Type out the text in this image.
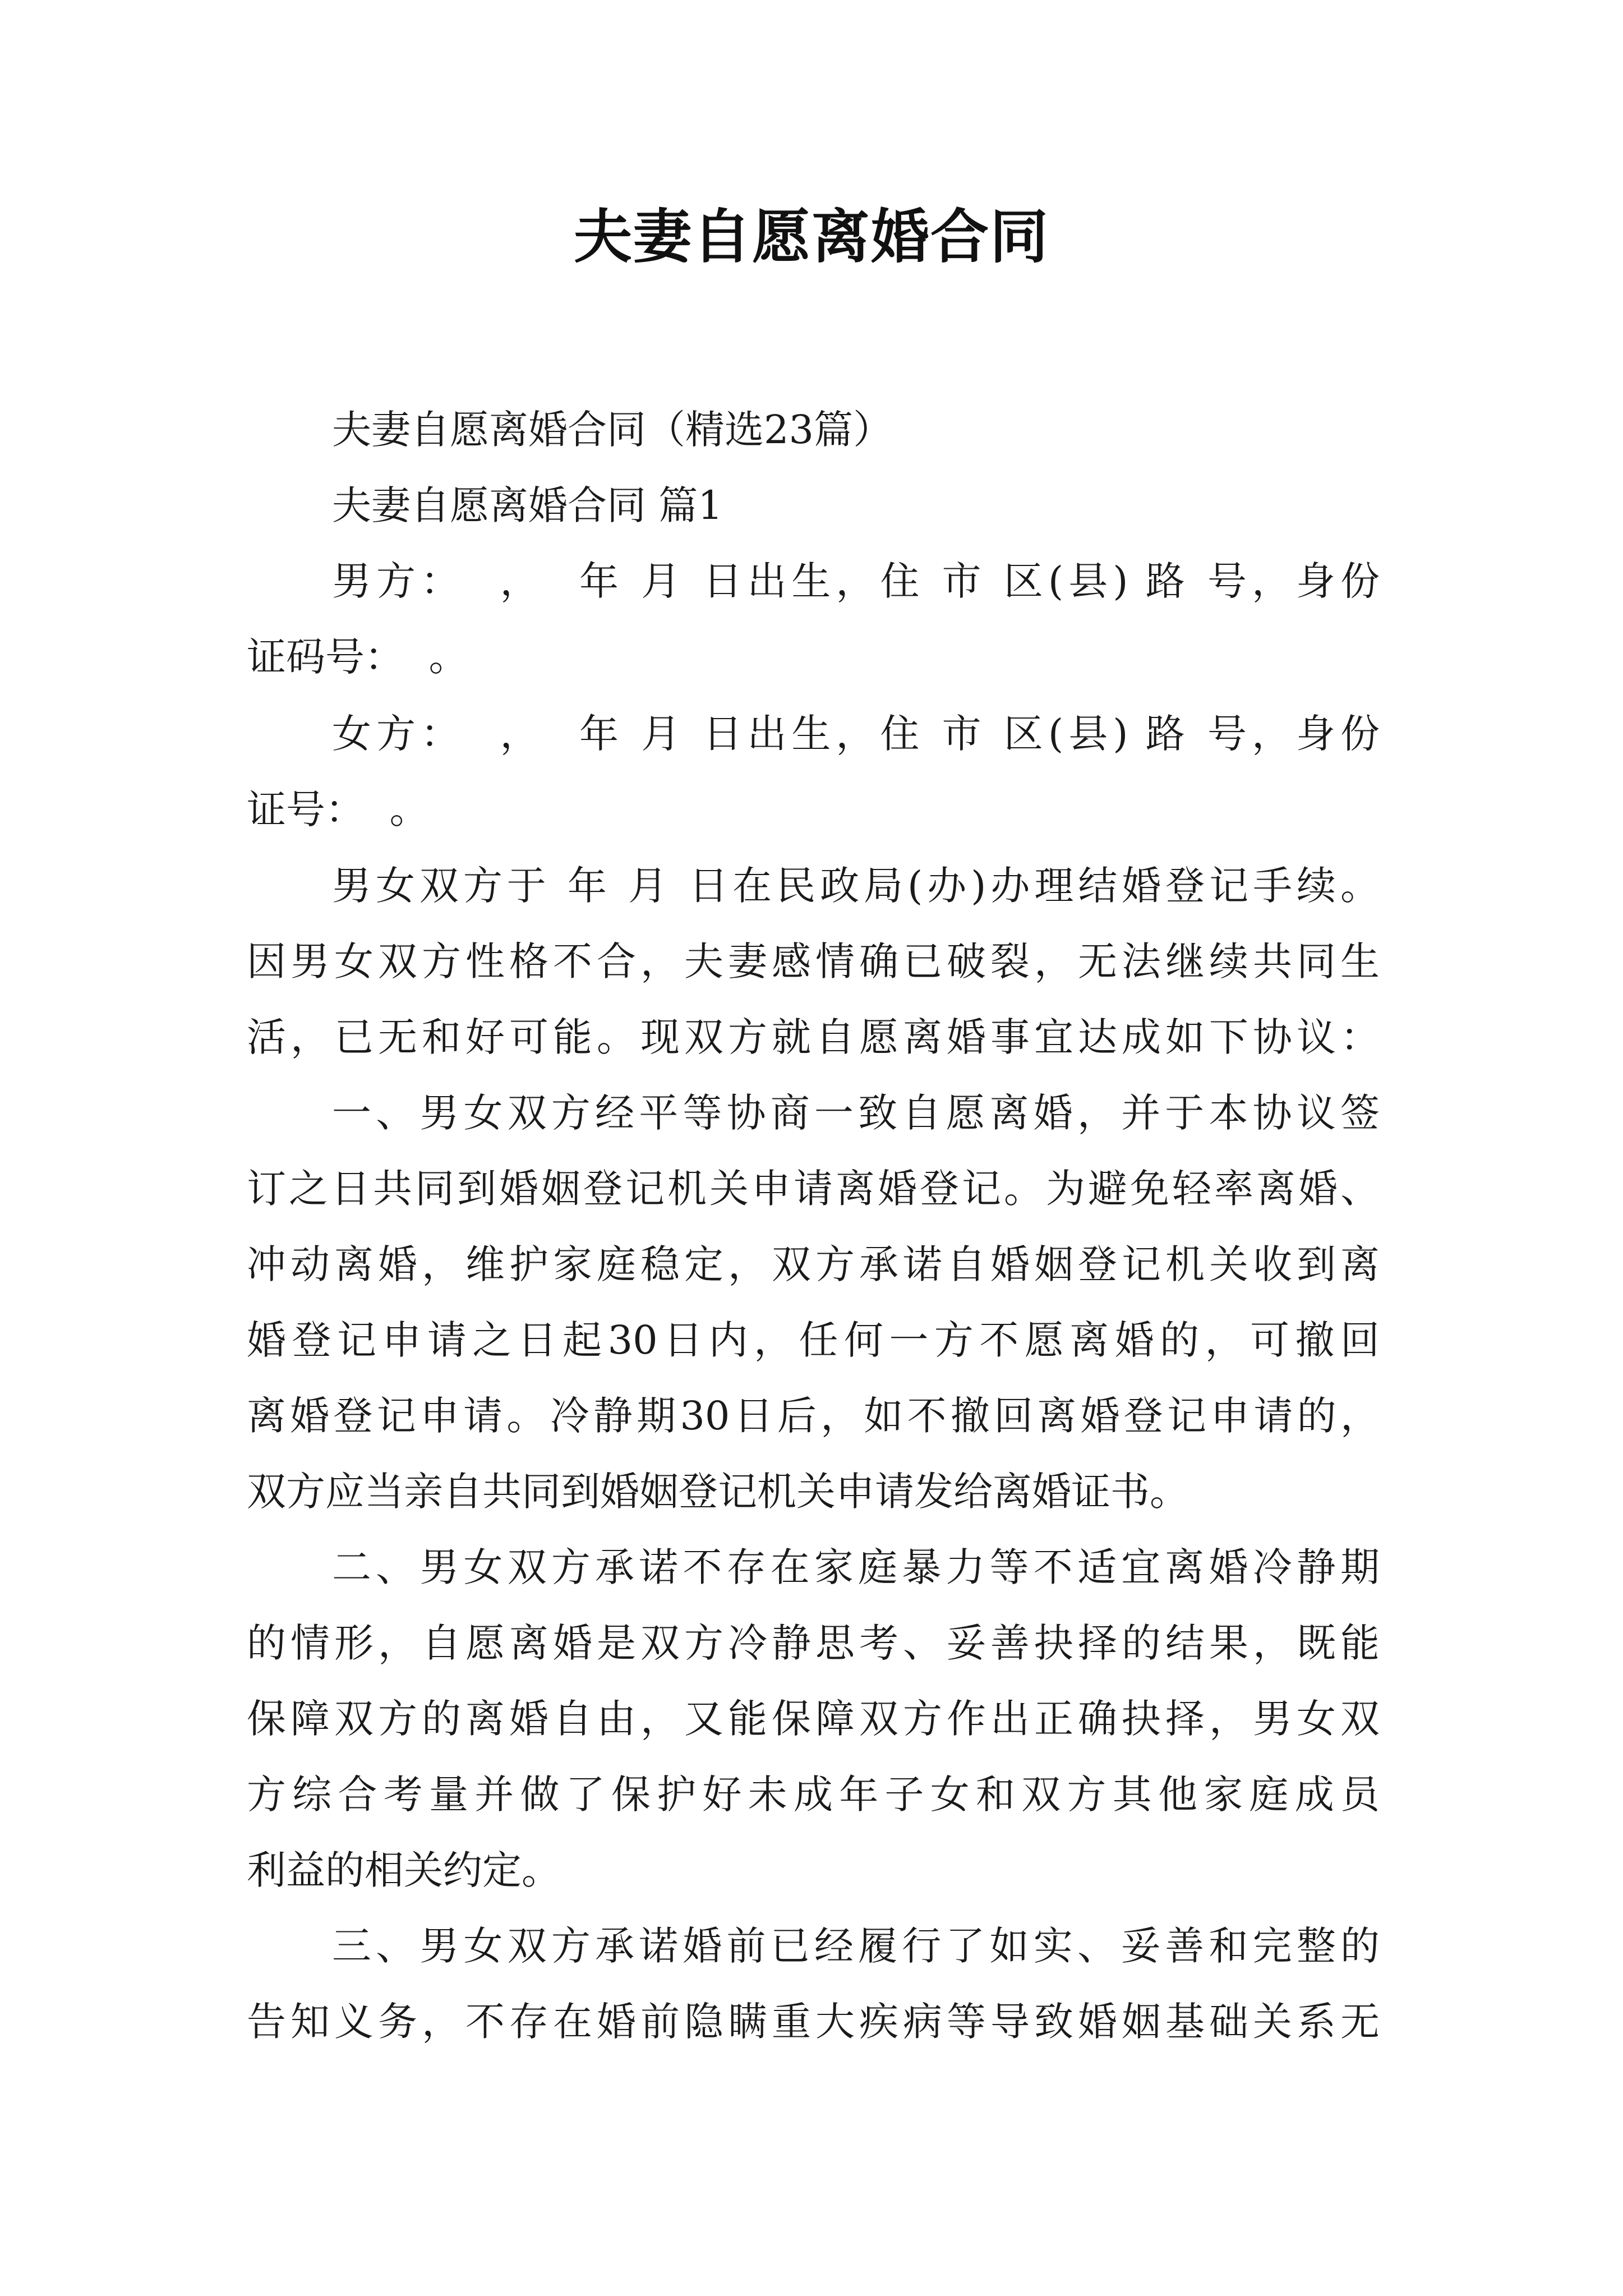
夫妻自愿离婚合同
夫妻自愿离婚合同（精选23篇）
夫妻自愿离婚合同 篇1
男方：  ，  年 月 日出生，住 市 区(县) 路 号，身份
证码号：  。
女方：  ，  年 月 日出生，住 市 区(县) 路 号，身份
证号：  。
男女双方于 年 月 日在民政局(办)办理结婚登记手续。
因男女双方性格不合，夫妻感情确已破裂，无法继续共同生
活，已无和好可能。现双方就自愿离婚事宜达成如下协议：
一、男女双方经平等协商一致自愿离婚，并于本协议签
订之日共同到婚姻登记机关申请离婚登记。为避免轻率离婚、
冲动离婚，维护家庭稳定，双方承诺自婚姻登记机关收到离
婚登记申请之日起30日内，任何一方不愿离婚的，可撤回
离婚登记申请。冷静期30日后，如不撤回离婚登记申请的，
双方应当亲自共同到婚姻登记机关申请发给离婚证书。
二、男女双方承诺不存在家庭暴力等不适宜离婚冷静期
的情形，自愿离婚是双方冷静思考、妥善抉择的结果，既能
保障双方的离婚自由，又能保障双方作出正确抉择，男女双
方综合考量并做了保护好未成年子女和双方其他家庭成员
利益的相关约定。
三、男女双方承诺婚前已经履行了如实、妥善和完整的
告知义务，不存在婚前隐瞒重大疾病等导致婚姻基础关系无
